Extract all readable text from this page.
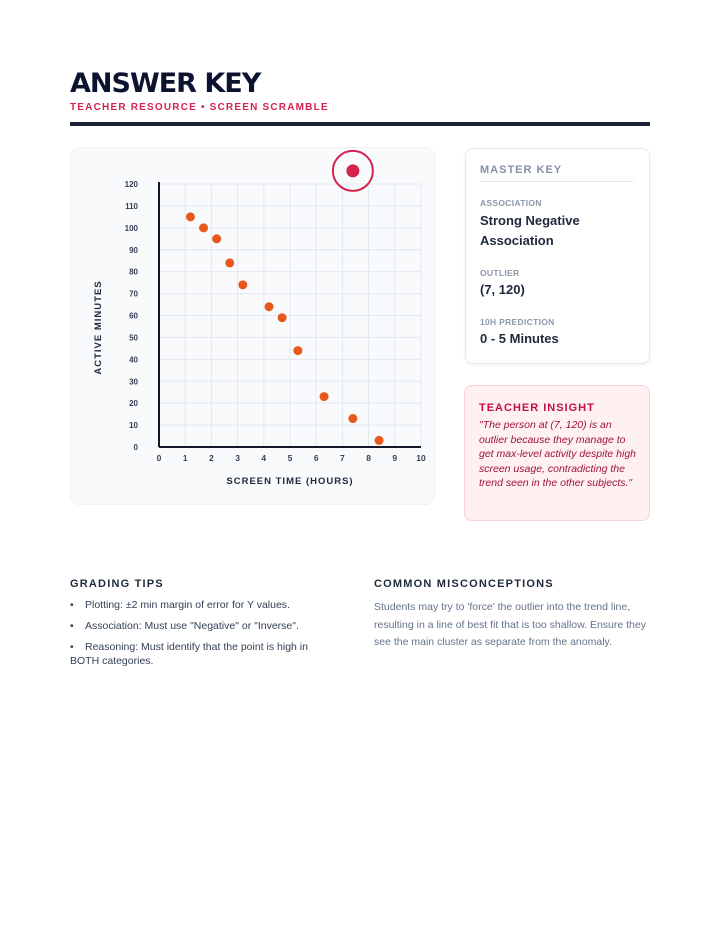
ANSWER KEY
TEACHER RESOURCE • SCREEN SCRAMBLE
0	1	2	3	4	5	6	7	8	9 10
0
10
20
30
40
50
60
70
80
90
100
110
120
SCREEN TIME (HOURS)
ACTIVE MINUTES
MASTER KEY
ASSOCIATION
Strong Negative
Association
OUTLIER
(7, 120)
10H PREDICTION
0 - 5 Minutes
TEACHER INSIGHT
"The person at (7, 120) is an outlier because they manage to get max-level activity despite high screen usage, contradicting the trend seen in the other subjects."
GRADING TIPS
• Plotting: ±2 min margin of error for Y values.
• Association: Must use "Negative" or "Inverse".
• Reasoning: Must identify that the point is high in BOTH categories.
COMMON MISCONCEPTIONS
Students may try to 'force' the outlier into the trend line, resulting in a line of best fit that is too shallow. Ensure they see the main cluster as separate from the anomaly.
